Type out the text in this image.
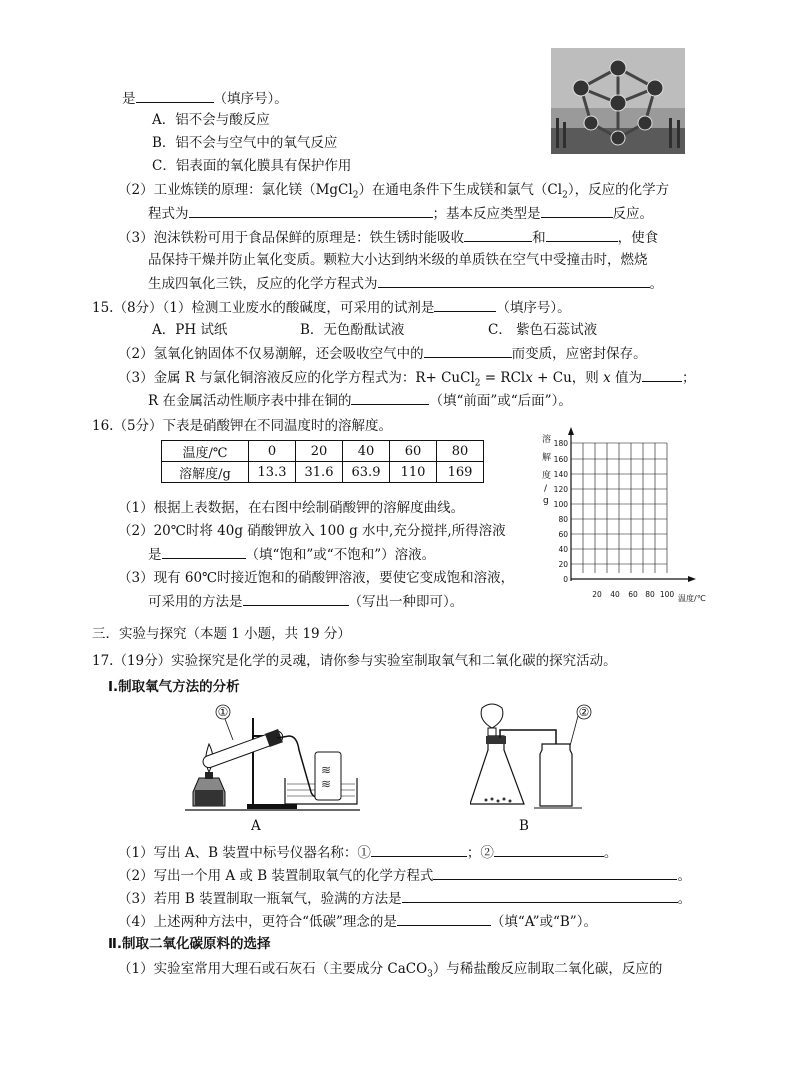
是	（填序号）。
A．铝不会与酸反应
B．铝不会与空气中的氧气反应
C．铝表面的氧化膜具有保护作用
（2）工业炼镁的原理：氯化镁（MgCl$_2$）在通电条件下生成镁和氯气$(Cl_2)$，反应的化学方
程式为	；基本反应类型是	反应。
（3）泡沫铁粉可用于食品保鲜的原理是：铁生锈时能吸收	和	，使食
品保持干燥并防止氧化变质。颗粒大小达到纳米级的单质铁在空气中受撞击时，燃烧
生成四氧化三铁，反应的化学方程式为	。
15.（8分）（1）检测工业废水的酸碱度，可采用的试剂是	（填序号）。
A．PH 试纸	B．无色酚酞试液	C． 紫色石蕊试液
（2）氢氧化钠固体不仅易潮解，还会吸收空气中的	而变质，应密封保存。
（3）金属 R 与氯化铜溶液反应的化学方程式为：R+ CuCl$_2$ = RClx + Cu，则 x 值为	；
R 在金属活动性顺序表中排在铜的	（填“前面”或“后面”）。
16.（5分）下表是硝酸钾在不同温度时的溶解度。
温度/℃	0	20	40	60	80
溶解度/g	13.3	31.6	63.9	110	169
（1）根据上表数据，在右图中绘制硝酸钾的溶解度曲线。
（2）20℃时将 40g 硝酸钾放入 100 g 水中,充分搅拌,所得溶液
是	（填“饱和”或“不饱和”）溶液。
（3）现有 60℃时接近饱和的硝酸钾溶液，要使它变成饱和溶液，
可采用的方法是	（写出一种即可）。
溶
解
度
/
g
180
160
140
120
100
80
60
40
20
0
20 40 60 80 100 温度/℃
三．实验与探究（本题 1 小题，共 19 分）
17.（19分）实验探究是化学的灵魂，请你参与实验室制取氧气和二氧化碳的探究活动。
Ⅰ.制取氧气方法的分析
≋
≋
①
A
②
B
（1）写出 A、B 装置中标号仪器名称：①	；②	。
（2）写出一个用 A 或 B 装置制取氧气的化学方程式	。
（3）若用 B 装置制取一瓶氧气，验满的方法是	。
（4）上述两种方法中，更符合“低碳”理念的是	（填“A”或“B”）。
Ⅱ.制取二氧化碳原料的选择
（1）实验室常用大理石或石灰石（主要成分 CaCO$_3$）与稀盐酸反应制取二氧化碳，反应的
